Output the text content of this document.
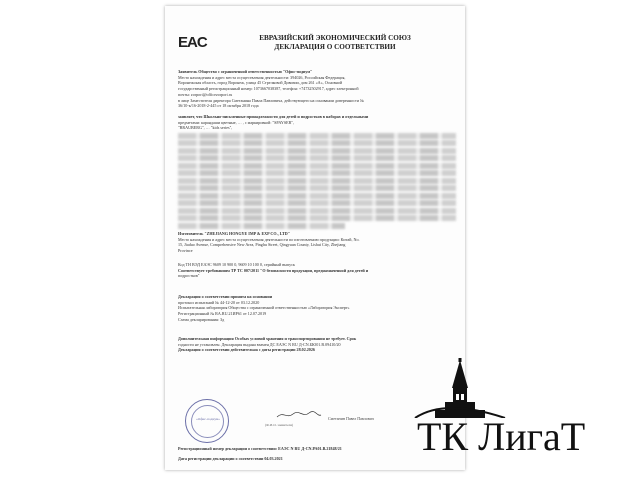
EAC	ЕВРАЗИЙСКИЙ ЭКОНОМИЧЕСКИЙ СОЮЗ
ДЕКЛАРАЦИЯ О СООТВЕТСТВИИ
Заявитель Общество с ограниченной ответственностью "Офис-подиум"
Место нахождения и адрес места осуществления деятельности: 394026, Российская Федерация,
Воронежская область, город Воронеж, улица 45 Стрелковой Дивизии, дом 261 «А», Основной
государственный регистрационный номер: 1073667038387, телефон: +74732502917, адрес электронной
почты: zorport@officezorport.ru
в лице Заместителя директора Сметанина Павла Павловича, действующего на основании доверенности №
36/10-к/16-2018-2-445 от 18 октября 2018 года
заявляет, что Школьно-письменные принадлежности для детей и подростков в наборах и отдельными
предметами: карандаши цветные, … , с маркировкой: "SPAYSER",
"BRAUBERG", … "kids series",
Изготовитель "ZHEJIANG HONGYE IMP & EXP CO., LTD"
Место нахождения и адрес места осуществления деятельности по изготовлению продукции: Китай, No.
15, Jiaduo Avenue, Comprehensive New Area, Pinghu Street, Qingyuan County, Lishui City, Zhejiang
Province
Код ТН ВЭД ЕАЭС 9609 10 900 0, 9609 10 100 0, серийный выпуск
Соответствует требованиям ТР ТС 007/2011 "О безопасности продукции, предназначенной для детей и
подростков"
Декларация о соответствии принята на основании
протокол испытаний № 44-12-20 от 03.12.2020
Испытательная лаборатория Общества с ограниченной ответственностью «Лаборатория Эксперт»
Регистрационный № RA.RU.21ИР61 от 12.07.2019
Схема декларирования: 3д
Дополнительная информация Особых условий хранения и транспортирования не требует. Срок
годности не установлен. Декларация выдана взамен ДС ЕАЭС N RU Д-CN.БЮ01.В.09410/20
Декларация о соответствии действительна с даты регистрации 28.02.2026
Сметанин Павел Павлович
(Ф.И.О. заявителя)
«Офис-подиум»
Регистрационный номер декларации о соответствии: ЕАЭС N RU Д-CN.РА01.В.21848/21
Дата регистрации декларации о соответствии 04.03.2021	ТК ЛигаТ
